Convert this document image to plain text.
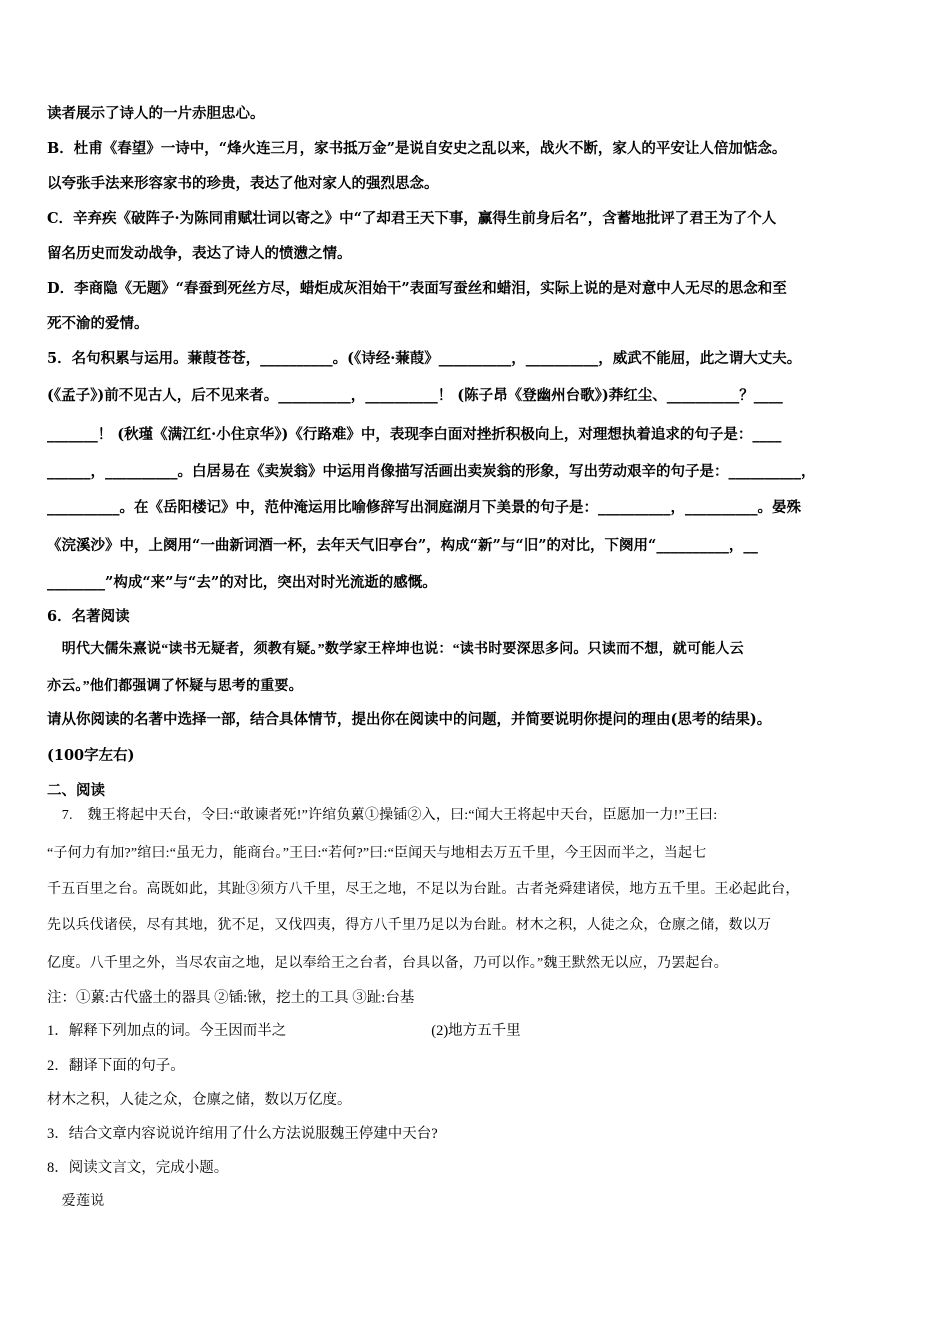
读者展示了诗人的一片赤胆忠心。
B．杜甫《春望》一诗中，“烽火连三月，家书抵万金”是说自安史之乱以来，战火不断，家人的平安让人倍加惦念。
以夸张手法来形容家书的珍贵，表达了他对家人的强烈思念。
C．辛弃疾《破阵子·为陈同甫赋壮词以寄之》中“了却君王天下事，赢得生前身后名”，含蓄地批评了君王为了个人
留名历史而发动战争，表达了诗人的愤懑之情。
D．李商隐《无题》“春蚕到死丝方尽，蜡炬成灰泪始干”表面写蚕丝和蜡泪，实际上说的是对意中人无尽的思念和至
死不渝的爱情。
5．名句积累与运用。蒹葭苍苍，__________。(《诗经·蒹葭》__________，__________，威武不能屈，此之谓大丈夫。
(《孟子》)前不见古人，后不见来者。__________，__________！ (陈子昂《登幽州台歌》)莽红尘、__________？____
_______！ (秋瑾《满江红·小住京华》)《行路难》中，表现李白面对挫折积极向上，对理想执着追求的句子是：____
______，__________。白居易在《卖炭翁》中运用肖像描写活画出卖炭翁的形象，写出劳动艰辛的句子是：__________，
__________。在《岳阳楼记》中，范仲淹运用比喻修辞写出洞庭湖月下美景的句子是：__________，__________。晏殊
《浣溪沙》中，上阕用“一曲新词酒一杯，去年天气旧亭台”，构成“新”与“旧”的对比，下阕用“__________，__
________”构成“来”与“去”的对比，突出对时光流逝的感慨。
6．名著阅读
明代大儒朱熹说“读书无疑者，须教有疑。”数学家王梓坤也说：“读书时要深思多问。只读而不想，就可能人云
亦云。”他们都强调了怀疑与思考的重要。
请从你阅读的名著中选择一部，结合具体情节，提出你在阅读中的问题，并简要说明你提问的理由(思考的结果)。
(100字左右)
二、阅读
7.    魏王将起中天台，令曰:“敢谏者死!”许绾负蔂①操锸②入，曰:“闻大王将起中天台，臣愿加一力!”王曰:
“子何力有加?”绾曰:“虽无力，能商台。”王曰:“若何?”曰:“臣闻天与地相去万五千里，今王因而半之，当起七
千五百里之台。高既如此，其趾③须方八千里，尽王之地，不足以为台趾。古者尧舜建诸侯，地方五千里。王必起此台，
先以兵伐诸侯，尽有其地，犹不足，又伐四夷，得方八千里乃足以为台趾。材木之积，人徒之众，仓廪之储，数以万
亿度。八千里之外，当尽农亩之地，足以奉给王之台者，台具以备，乃可以作。”魏王默然无以应，乃罢起台。
注：①蔂:古代盛土的器具 ②锸:锹，挖土的工具 ③趾:台基
1．解释下列加点的词。今王因而半之                                        (2)地方五千里
2．翻译下面的句子。
材木之积，人徒之众，仓廪之储，数以万亿度。
3．结合文章内容说说许绾用了什么方法说服魏王停建中天台?
8．阅读文言文，完成小题。
爱莲说
